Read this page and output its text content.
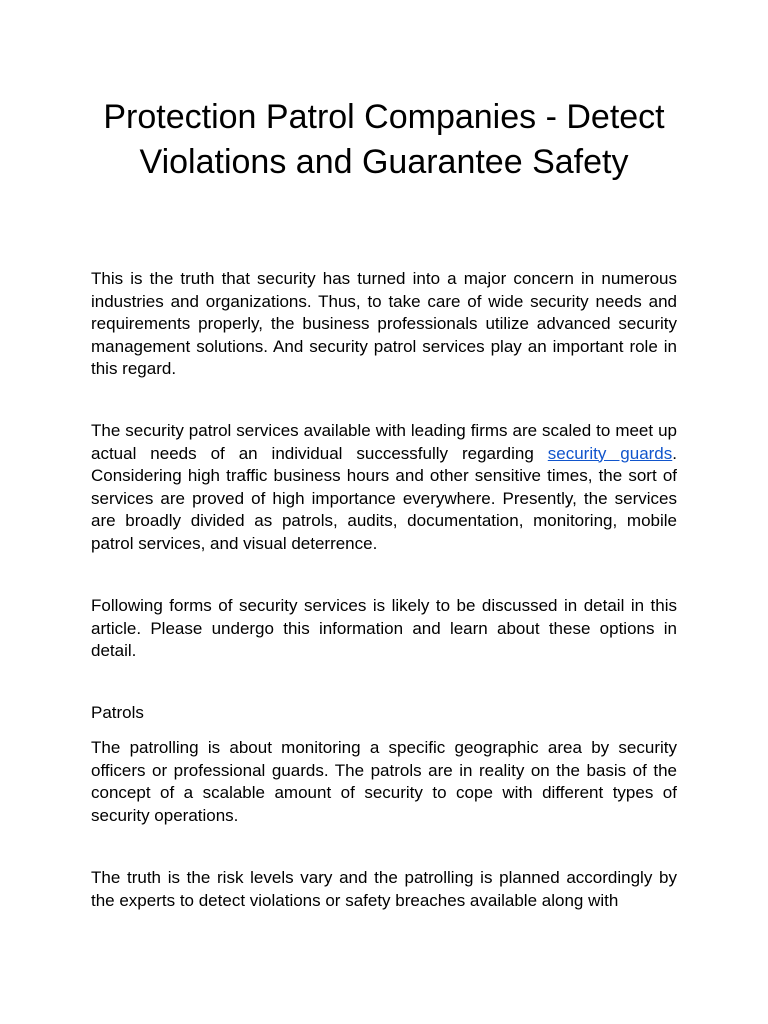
Protection Patrol Companies - Detect Violations and Guarantee Safety

This is the truth that security has turned into a major concern in numerous industries and organizations. Thus, to take care of wide security needs and requirements properly, the business professionals utilize advanced security management solutions. And security patrol services play an important role in this regard.

The security patrol services available with leading firms are scaled to meet up actual needs of an individual successfully regarding security guards. Considering high traffic business hours and other sensitive times, the sort of services are proved of high importance everywhere. Presently, the services are broadly divided as patrols, audits, documentation, monitoring, mobile patrol services, and visual deterrence.

Following forms of security services is likely to be discussed in detail in this article. Please undergo this information and learn about these options in detail.

Patrols

The patrolling is about monitoring a specific geographic area by security officers or professional guards. The patrols are in reality on the basis of the concept of a scalable amount of security to cope with different types of security operations.

The truth is the risk levels vary and the patrolling is planned accordingly by the experts to detect violations or safety breaches available along with
